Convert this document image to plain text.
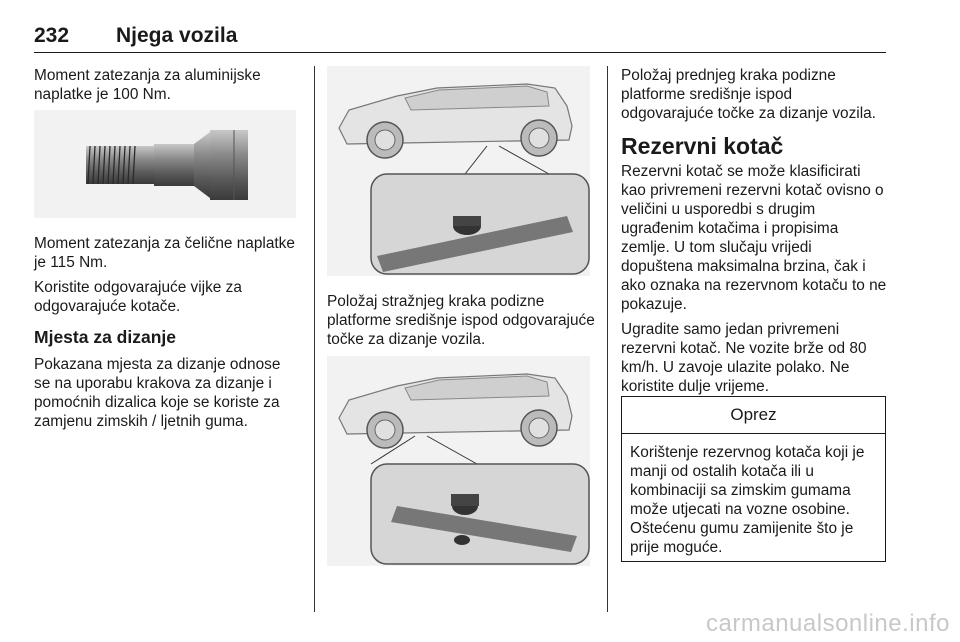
232 Njega vozila

Moment zatezanja za aluminijske naplatke je 100 Nm.

Moment zatezanja za čelične naplatke je 115 Nm.

Koristite odgovarajuće vijke za odgovarajuće kotače.

Mjesta za dizanje

Pokazana mjesta za dizanje odnose se na uporabu krakova za dizanje i pomoćnih dizalica koje se koriste za zamjenu zimskih / ljetnih guma.

Položaj stražnjeg kraka podizne platforme središnje ispod odgovarajuće točke za dizanje vozila.

Položaj prednjeg kraka podizne platforme središnje ispod odgovarajuće točke za dizanje vozila.

Rezervni kotač

Rezervni kotač se može klasificirati kao privremeni rezervni kotač ovisno o veličini u usporedbi s drugim ugrađenim kotačima i propisima zemlje. U tom slučaju vrijedi dopuštena maksimalna brzina, čak i ako oznaka na rezervnom kotaču to ne pokazuje.

Ugradite samo jedan privremeni rezervni kotač. Ne vozite brže od 80 km/h. U zavoje ulazite polako. Ne koristite dulje vrijeme.

Oprez
Korištenje rezervnog kotača koji je manji od ostalih kotača ili u kombinaciji sa zimskim gumama može utjecati na vozne osobine. Oštećenu gumu zamijenite što je prije moguće.
carmanualsonline.info
